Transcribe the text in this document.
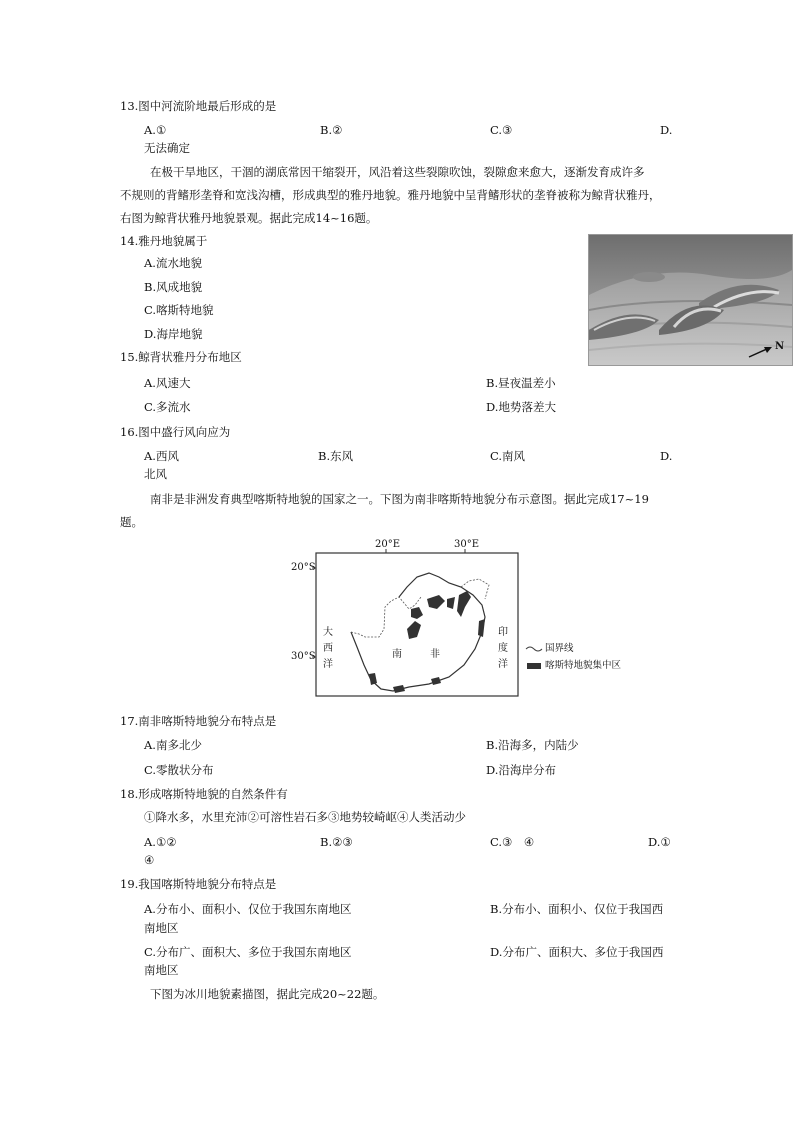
13.图中河流阶地最后形成的是
A.①	B.②	C.③	D.
无法确定
在极干旱地区，干涸的湖底常因干缩裂开，风沿着这些裂隙吹蚀，裂隙愈来愈大，逐渐发育成许多
不规则的背鳍形垄脊和宽浅沟槽，形成典型的雅丹地貌。雅丹地貌中呈背鳍形状的垄脊被称为鲸背状雅丹，
右图为鲸背状雅丹地貌景观。据此完成14~16题。
14.雅丹地貌属于
A.流水地貌
B.风成地貌
C.喀斯特地貌
D.海岸地貌
N
15.鲸背状雅丹分布地区
A.风速大	B.昼夜温差小
C.多流水	D.地势落差大
16.图中盛行风向应为
A.西风	B.东风	C.南风	D.
北风
南非是非洲发育典型喀斯特地貌的国家之一。下图为南非喀斯特地貌分布示意图。据此完成17~19
题。
20°E	30°E
20°S
30°S
大
西
洋
印
度
洋
南	非
国界线
喀斯特地貌集中区
17.南非喀斯特地貌分布特点是
A.南多北少	B.沿海多，内陆少
C.零散状分布	D.沿海岸分布
18.形成喀斯特地貌的自然条件有
①降水多，水里充沛②可溶性岩石多③地势较崎岖④人类活动少
A.①②	B.②③	C.③　④	D.①
④
19.我国喀斯特地貌分布特点是
A.分布小、面积小、仅位于我国东南地区	B.分布小、面积小、仅位于我国西
南地区
C.分布广、面积大、多位于我国东南地区	D.分布广、面积大、多位于我国西
南地区
下图为冰川地貌素描图，据此完成20~22题。
